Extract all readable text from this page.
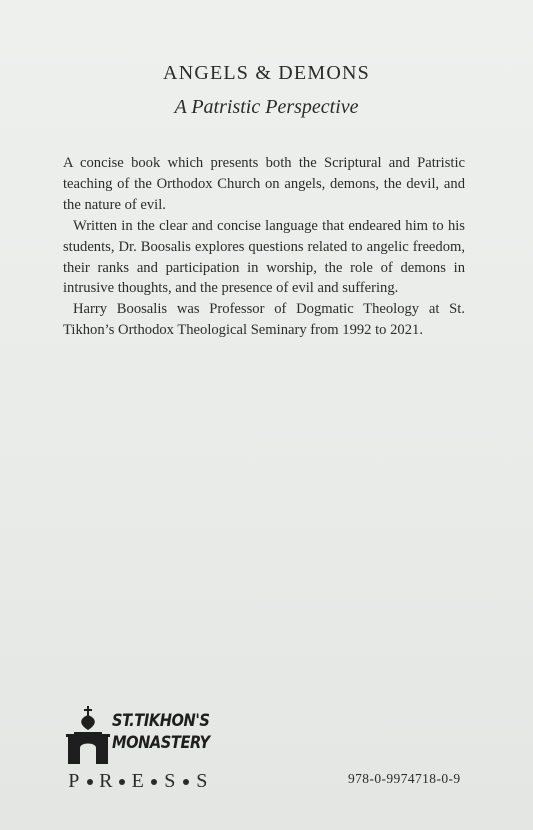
ANGELS & DEMONS
A Patristic Perspective

A concise book which presents both the Scriptural and Patristic teaching of the Orthodox Church on angels, demons, the devil, and the nature of evil.

Written in the clear and concise language that endeared him to his students, Dr. Boosalis explores questions related to angelic freedom, their ranks and participation in worship, the role of demons in intrusive thoughts, and the presence of evil and suffering.

Harry Boosalis was Professor of Dogmatic Theology at St. Tikhon’s Orthodox Theological Seminary from 1992 to 2021.

ST.TIKHON'S
MONASTERY
P R E S S	978-0-9974718-0-9
